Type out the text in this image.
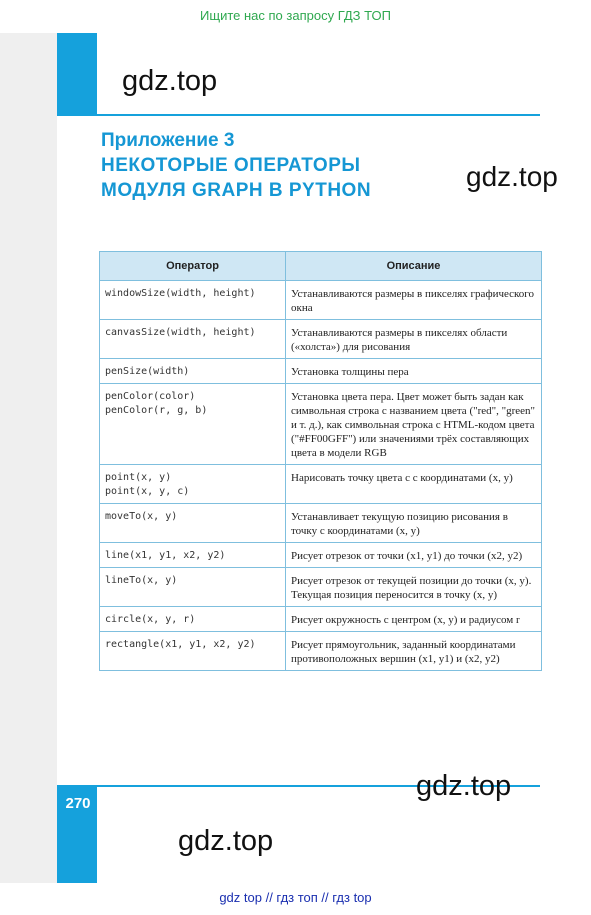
Ищите нас по запросу ГДЗ ТОП
gdz.top
gdz.top
Приложение 3
НЕКОТОРЫЕ ОПЕРАТОРЫ
МОДУЛЯ GRAPH В PYTHON
Оператор	Описание
windowSize(width, height)	Устанавливаются размеры в пикселях графического окна
canvasSize(width, height)	Устанавливаются размеры в пикселях области («холста») для рисования
penSize(width)	Установка толщины пера
penColor(color)
penColor(r, g, b)	Установка цвета пера. Цвет может быть задан как символьная строка с названием цвета ("red", "green" и т. д.), как символьная строка с HTML-кодом цвета ("#FF00GFF") или значениями трёх составляющих цвета в модели RGB
point(x, y)
point(x, y, c)	Нарисовать точку цвета c с координатами (x, y)
moveTo(x, y)	Устанавливает текущую позицию рисования в точку с координатами (x, y)
line(x1, y1, x2, y2)	Рисует отрезок от точки (x1, y1) до точки (x2, y2)
lineTo(x, y)	Рисует отрезок от текущей позиции до точки (x, y). Текущая позиция переносится в точку (x, y)
circle(x, y, r)	Рисует окружность с центром (x, y) и радиусом r
rectangle(x1, y1, x2, y2)	Рисует прямоугольник, заданный координатами противоположных вершин (x1, y1) и (x2, y2)
270
gdz.top
gdz.top
gdz top // гдз топ // гдз top
